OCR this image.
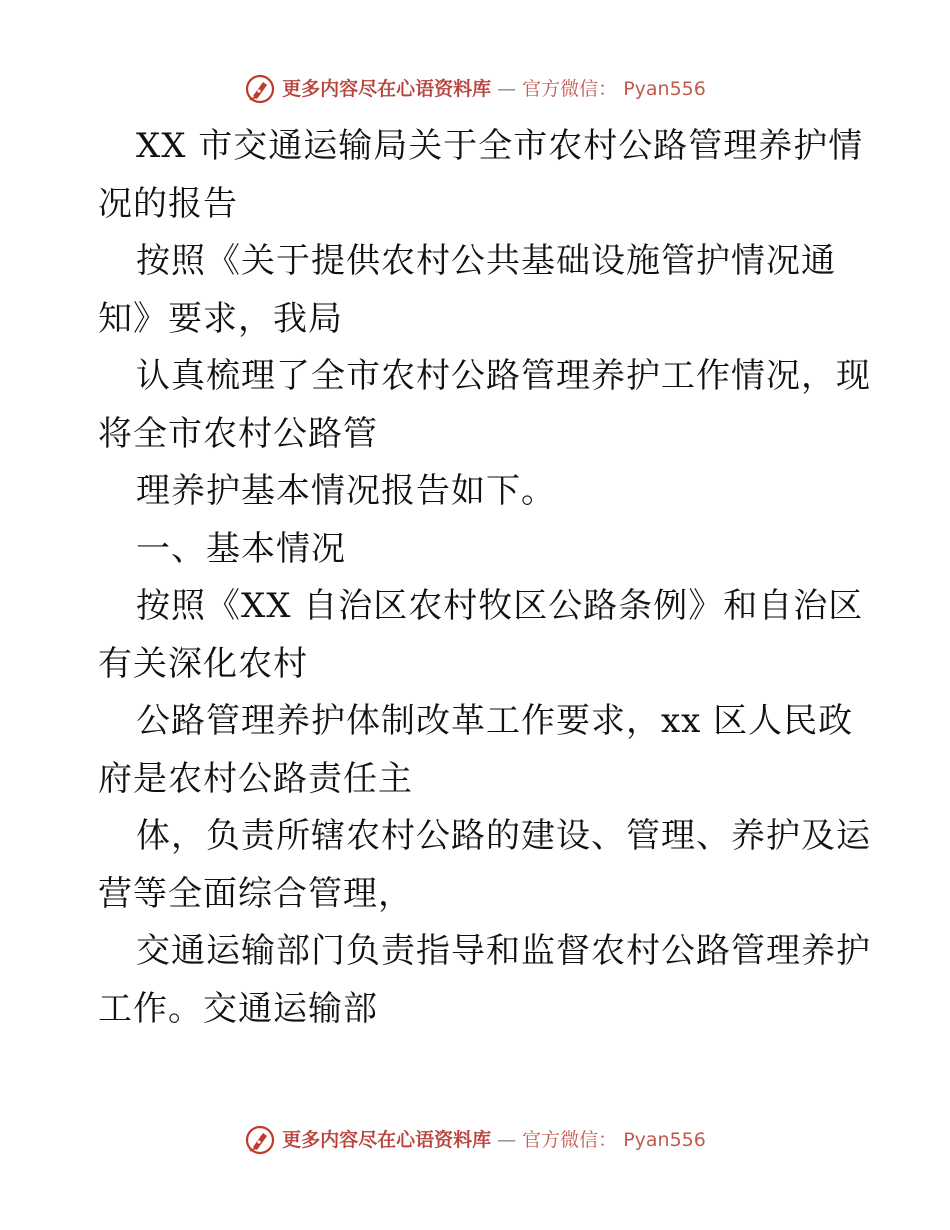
更多内容尽在心语资料库 — 官方微信： Pyan556
XX 市交通运输局关于全市农村公路管理养护情
况的报告
按照《关于提供农村公共基础设施管护情况通
知》要求，我局
认真梳理了全市农村公路管理养护工作情况，现
将全市农村公路管
理养护基本情况报告如下。
一、基本情况
按照《XX 自治区农村牧区公路条例》和自治区
有关深化农村
公路管理养护体制改革工作要求，xx 区人民政
府是农村公路责任主
体，负责所辖农村公路的建设、管理、养护及运
营等全面综合管理，
交通运输部门负责指导和监督农村公路管理养护
工作。交通运输部
更多内容尽在心语资料库 — 官方微信： Pyan556
